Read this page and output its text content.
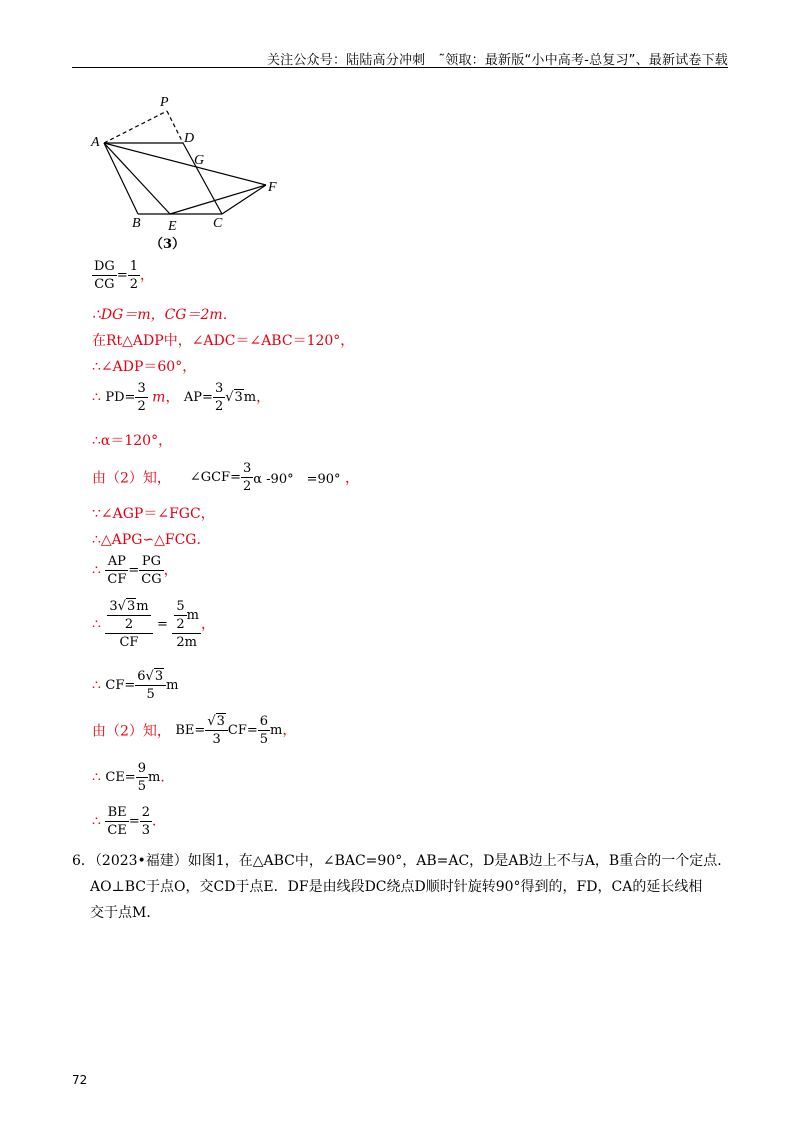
关注公众号：陆陆高分冲刺　˜领取：最新版“小中高考-总复习”、最新试卷下载
P
A	D
G
F
B E	C
（3）
$\frac{DG}{CG} = \frac{1}{2}$ ，
∴DG＝m，CG＝2m．
在Rt△ADP中，∠ADC＝∠ABC＝120°，
∴∠ADP＝60°，
∴ $PD= \frac{3}{2}$ m， $AP= \frac{3}{2} √3m$，
∴α＝120°，
由（2）知， ∠GCF= $\frac{3}{2}$ α -90°　=90° ，
∵∠AGP＝∠FGC，
∴△APG∽△FCG．
∴ $\frac{AP}{CF} = \frac{PG}{CG}$ ，
∴ $\frac{\frac{3√3m}{2}}{CF} = \frac{\frac{5}{2} m}{2m}$ ，
∴ $CF= \frac{6√3}{5}$ m
由（2）知， $BE= \frac{√3}{3} CF= \frac{6}{5}$ m，
∴ $CE= \frac{9}{5}$ m．
∴ $\frac{BE}{CE} = \frac{2}{3}$ ．
6．（2023•福建）如图1，在△ABC中，∠BAC=90°，AB=AC，D是AB边上不与A，B重合的一个定点．
AO⊥BC于点O，交CD于点E．DF是由线段DC绕点D顺时针旋转90°得到的，FD，CA的延长线相
交于点M．
72
